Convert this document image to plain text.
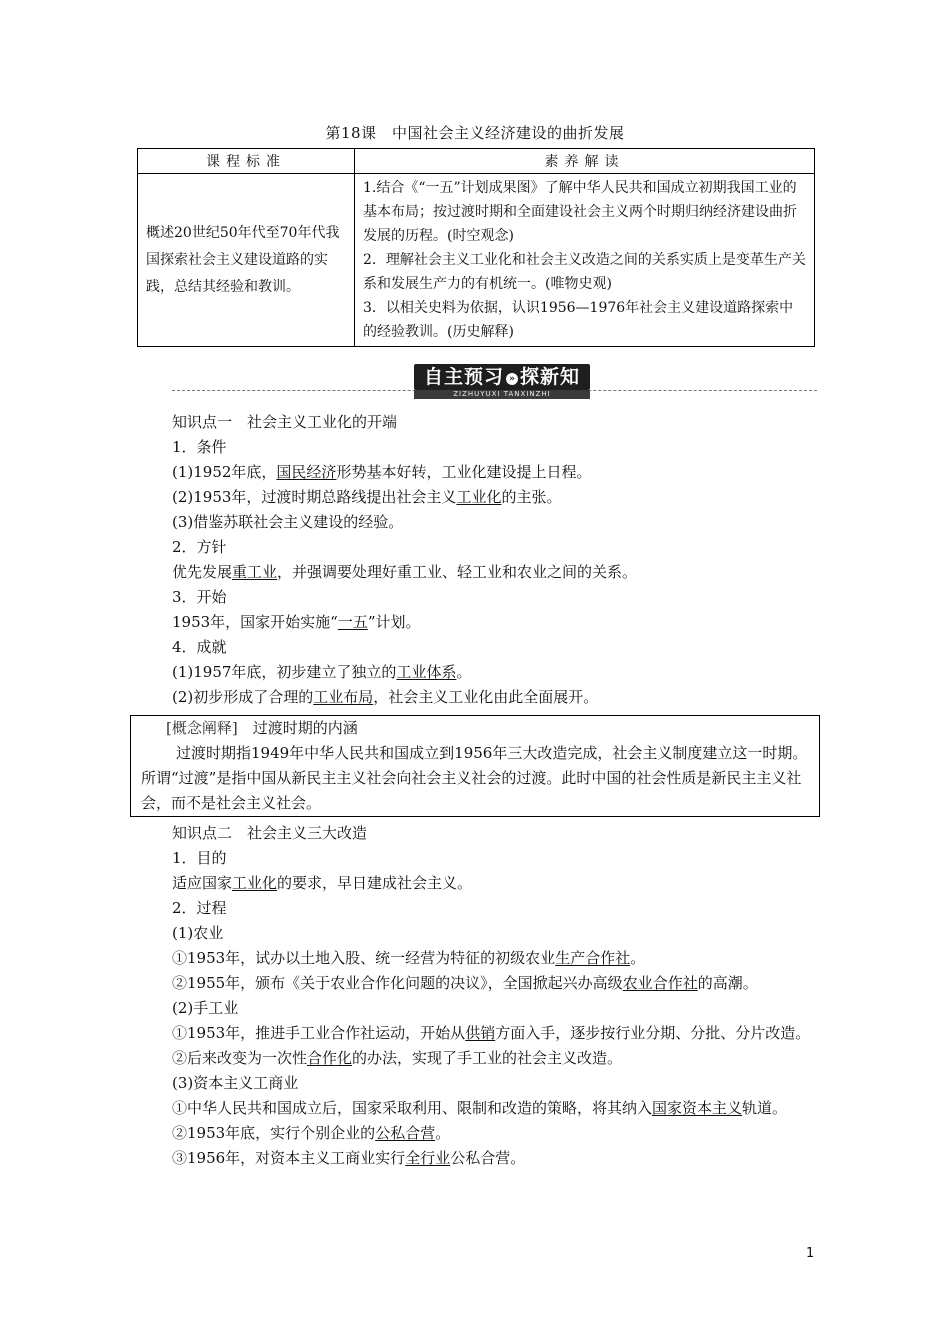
第18课　中国社会主义经济建设的曲折发展
课程标准	素养解读
概述20世纪50年代至70年代我国探索社会主义建设道路的实践，总结其经验和教训。	1.结合《“一五”计划成果图》了解中华人民共和国成立初期我国工业的基本布局；按过渡时期和全面建设社会主义两个时期归纳经济建设曲折发展的历程。(时空观念)
2．理解社会主义工业化和社会主义改造之间的关系实质上是变革生产关系和发展生产力的有机统一。(唯物史观)
3．以相关史料为依据，认识1956—1976年社会主义建设道路探索中的经验教训。(历史解释)
自主预习 » 探新知
ZIZHUYUXI TANXINZHI

知识点一　社会主义工业化的开端

1．条件

(1)1952年底，国民经济形势基本好转，工业化建设提上日程。

(2)1953年，过渡时期总路线提出社会主义工业化的主张。

(3)借鉴苏联社会主义建设的经验。

2．方针

优先发展重工业，并强调要处理好重工业、轻工业和农业之间的关系。

3．开始

1953年，国家开始实施“一五”计划。

4．成就

(1)1957年底，初步建立了独立的工业体系。

(2)初步形成了合理的工业布局，社会主义工业化由此全面展开。

[概念阐释]　 过渡时期的内涵

过渡时期指1949年中华人民共和国成立到1956年三大改造完成，社会主义制度建立这一时期。所谓“过渡”是指中国从新民主主义社会向社会主义社会的过渡。此时中国的社会性质是新民主主义社会，而不是社会主义社会。

知识点二　社会主义三大改造

1．目的

适应国家工业化的要求，早日建成社会主义。

2．过程

(1)农业

①1953年，试办以土地入股、统一经营为特征的初级农业生产合作社。

②1955年，颁布《关于农业合作化问题的决议》，全国掀起兴办高级农业合作社的高潮。

(2)手工业

①1953年，推进手工业合作社运动，开始从供销方面入手，逐步按行业分期、分批、分片改造。

②后来改变为一次性合作化的办法，实现了手工业的社会主义改造。

(3)资本主义工商业

①中华人民共和国成立后，国家采取利用、限制和改造的策略，将其纳入国家资本主义轨道。

②1953年底，实行个别企业的公私合营。

③1956年，对资本主义工商业实行全行业公私合营。

1
